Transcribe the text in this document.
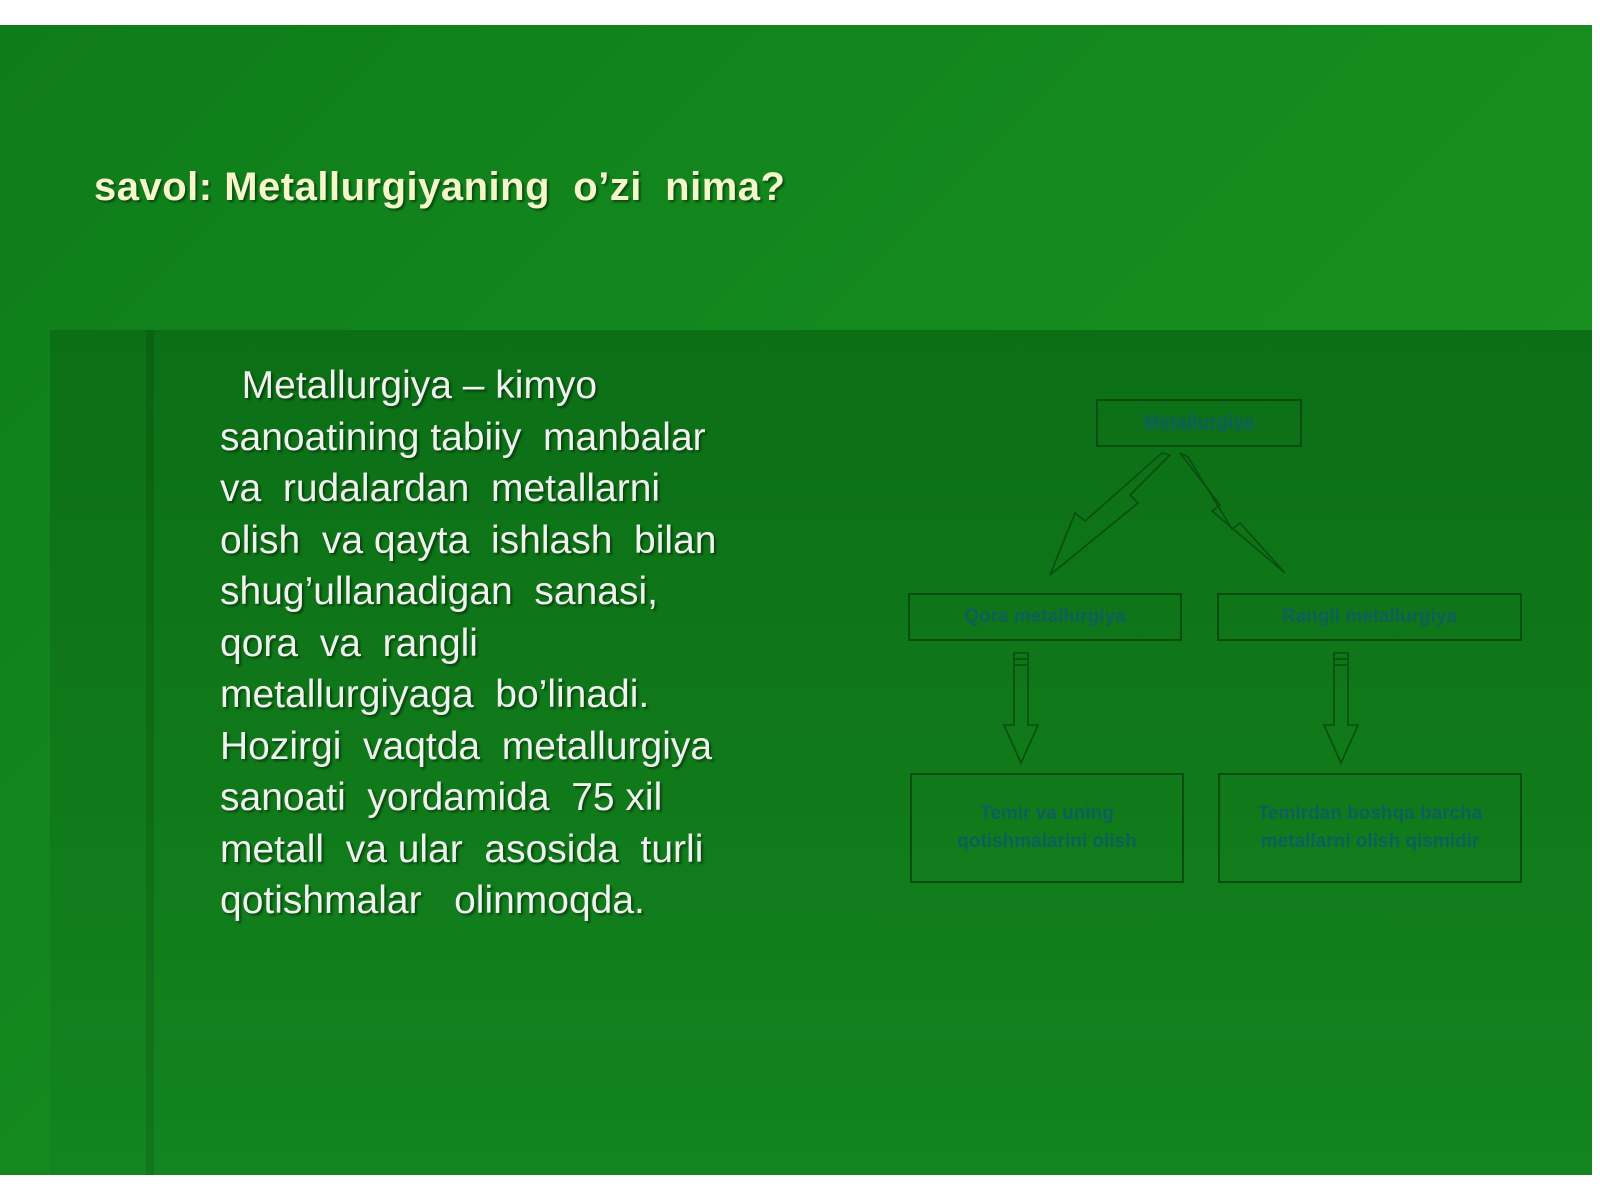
savol: Metallurgiyaning  o’zi  nima?

Metallurgiya – kimyo
sanoatining tabiiy  manbalar
va  rudalardan  metallarni
olish  va qayta  ishlash  bilan
shug’ullanadigan  sanasi,
qora  va  rangli
metallurgiyaga  bo’linadi.
Hozirgi  vaqtda  metallurgiya
sanoati  yordamida  75 xil
metall  va ular  asosida  turli
qotishmalar   olinmoqda.

Metallurgiya
Qora metallurgiya	Rangli metallurgiya
Temir va uning qotishmalarini olish
Temirdan boshqa barcha metallarni olish qismidir
